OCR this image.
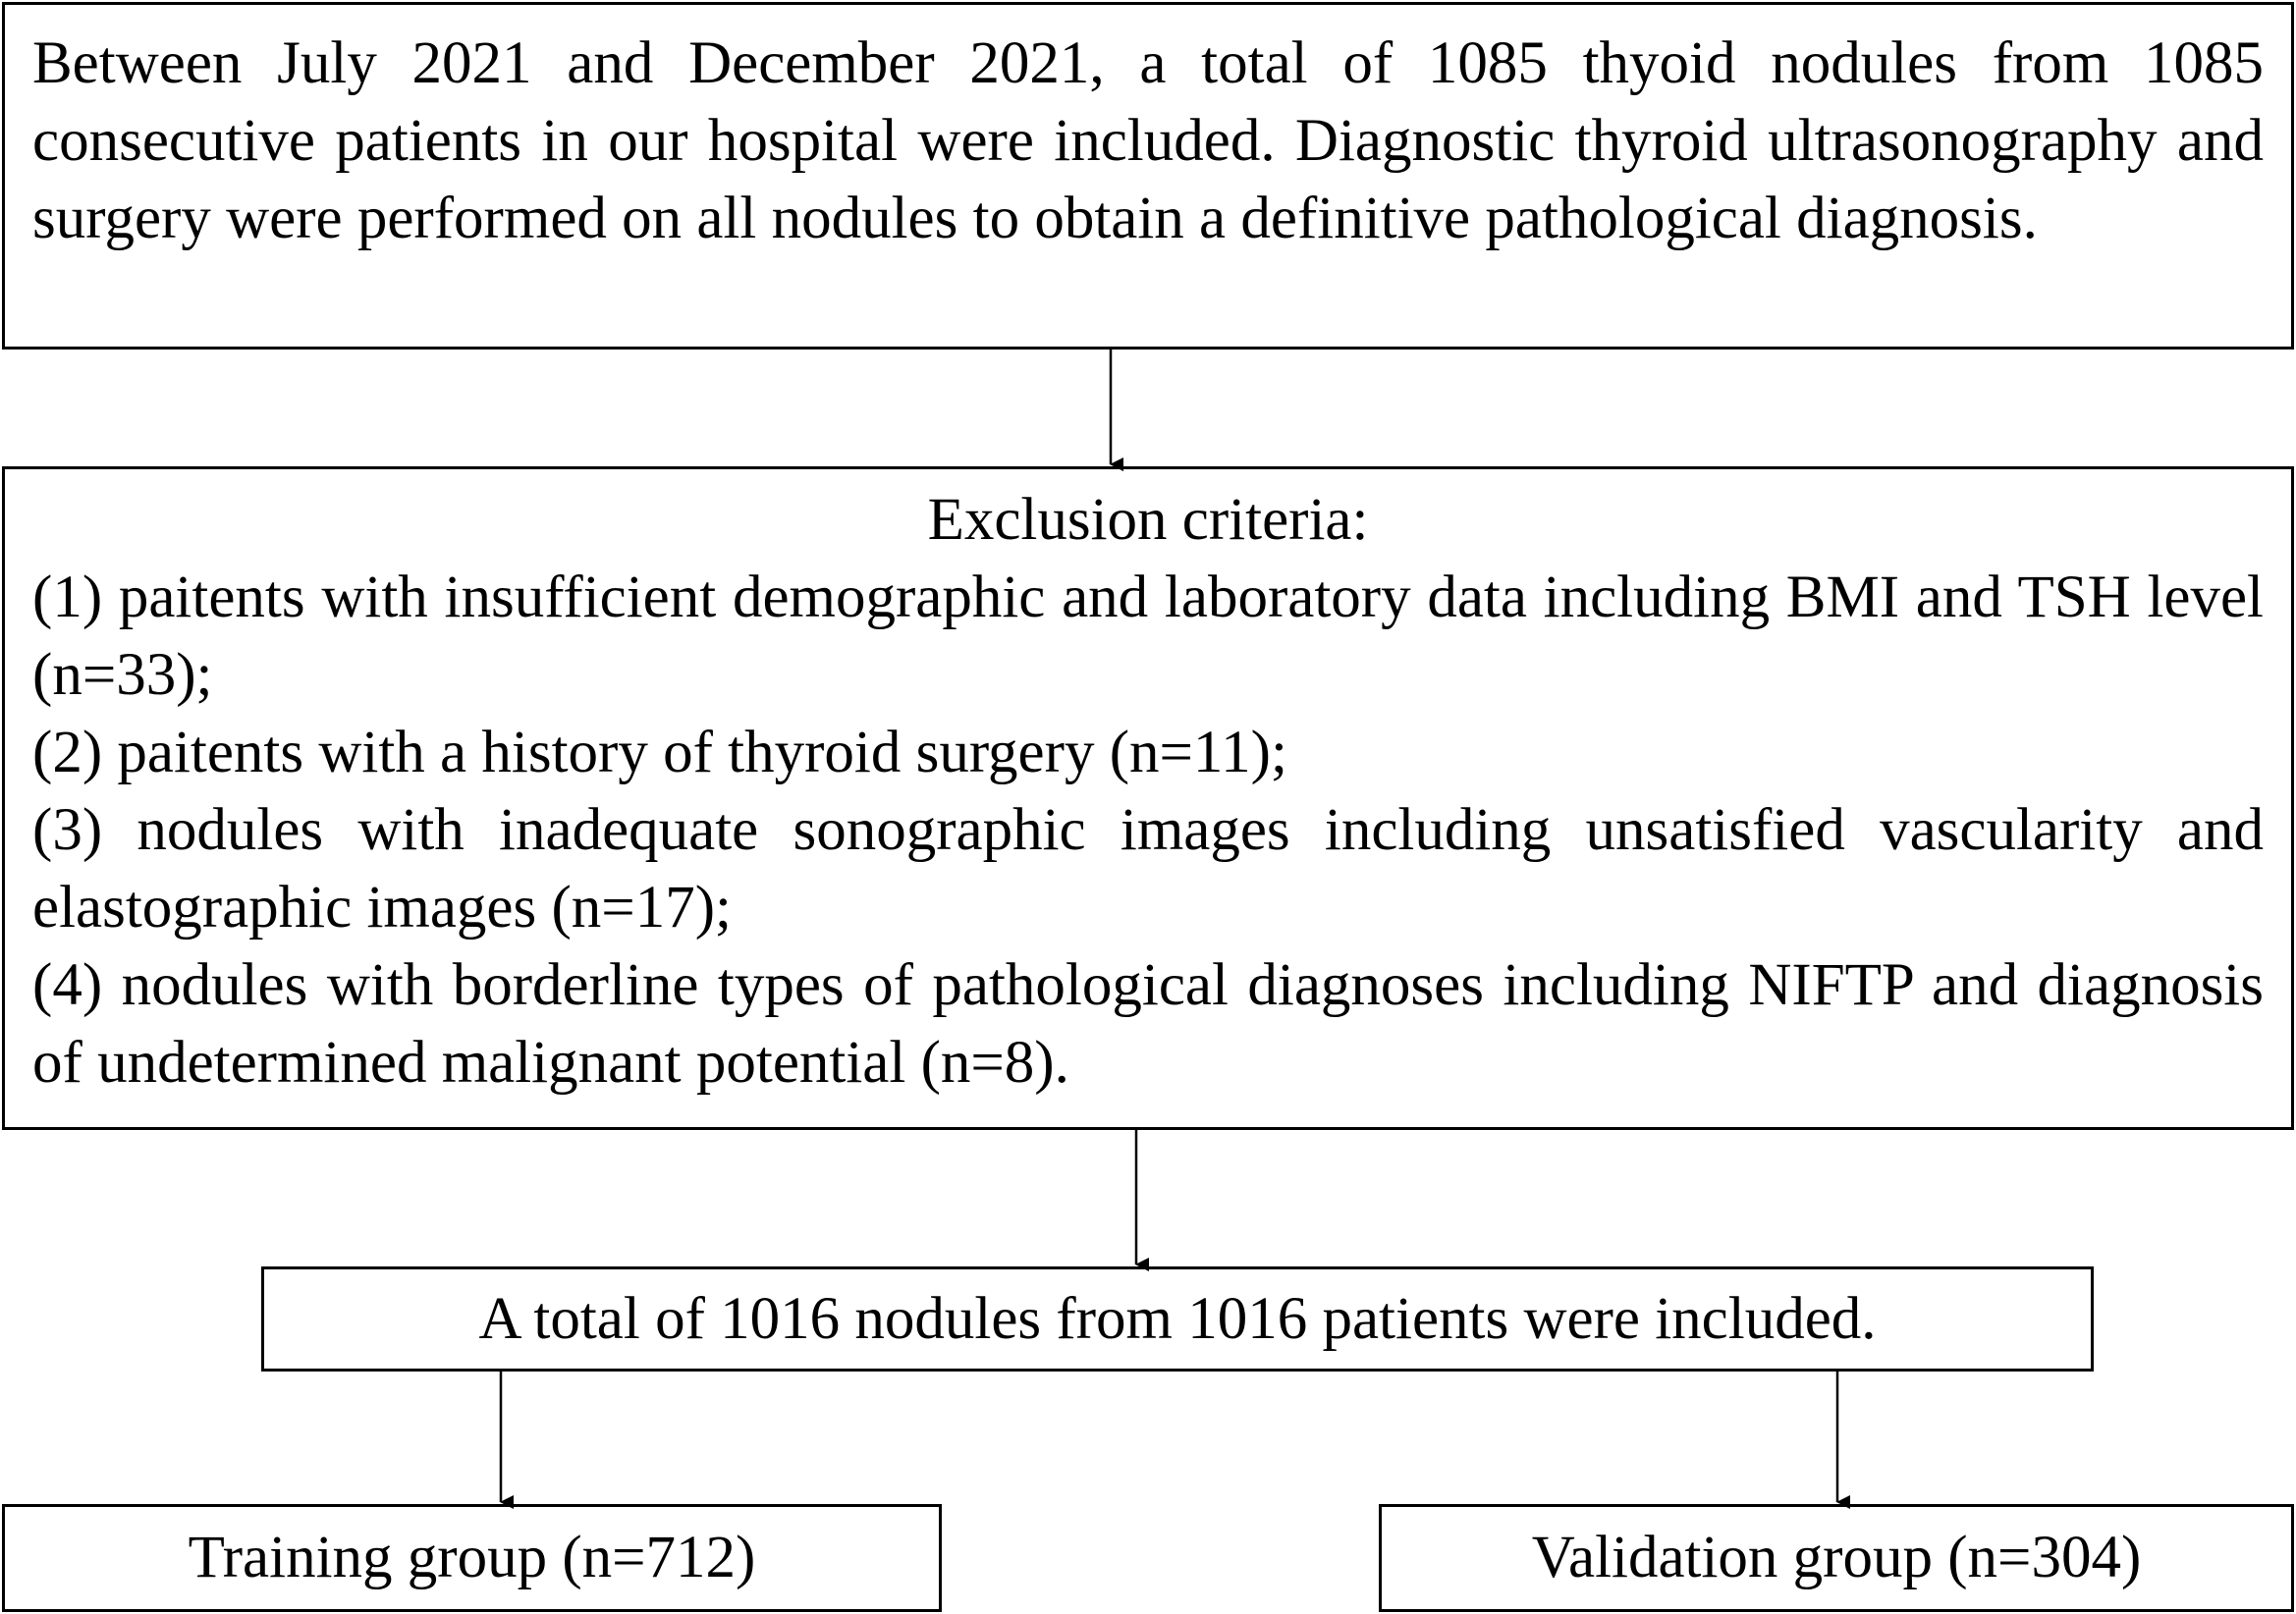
Between July 2021 and December 2021, a total of 1085 thyoid nodules from 1085 consecutive patients in our hospital were included. Diagnostic thyroid ultrasonography and surgery were performed on all nodules to obtain a definitive pathological diagnosis.

Exclusion criteria:

(1) paitents with insufficient demographic and laboratory data including BMI and TSH level (n=33);

(2) paitents with a history of thyroid surgery (n=11);

(3) nodules with inadequate sonographic images including unsatisfied vascularity and elastographic images (n=17);

(4) nodules with borderline types of pathological diagnoses including NIFTP and diagnosis of undetermined malignant potential (n=8).

A total of 1016 nodules from 1016 patients were included.
Training group (n=712)	Validation group (n=304)
